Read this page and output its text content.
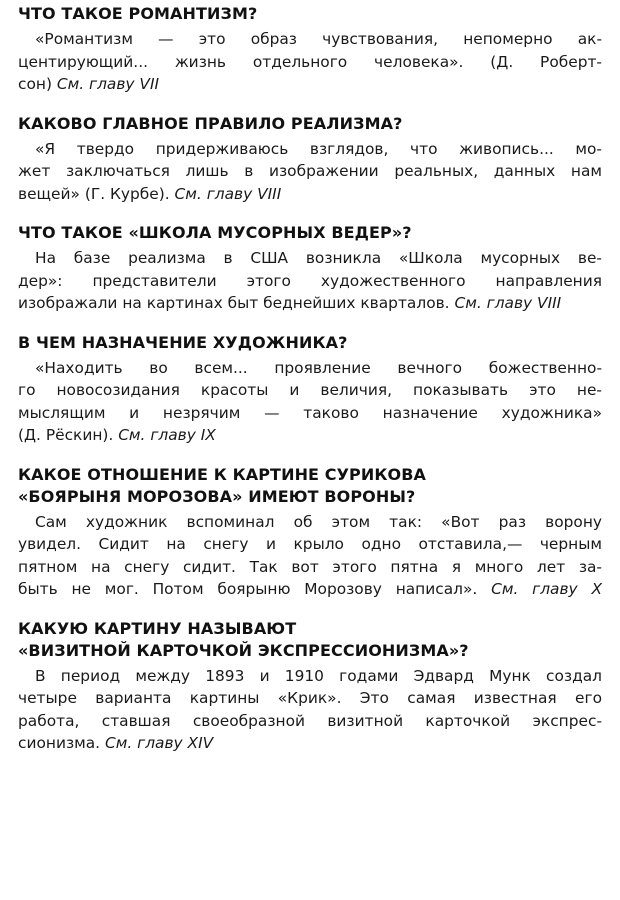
ЧТО ТАКОЕ РОМАНТИЗМ?

«Романтизм — это образ чувствования, непомерно ак-
центирующий... жизнь отдельного человека». (Д. Роберт-
сон) См. главу VII

КАКОВО ГЛАВНОЕ ПРАВИЛО РЕАЛИЗМА?

«Я твердо придерживаюсь взглядов, что живопись... мо-
жет заключаться лишь в изображении реальных, данных нам
вещей» (Г. Курбе). См. главу VIII

ЧТО ТАКОЕ «ШКОЛА МУСОРНЫХ ВЕДЕР»?

На базе реализма в США возникла «Школа мусорных ве-
дер»: представители этого художественного направления
изображали на картинах быт беднейших кварталов. См. главу VIII

В ЧЕМ НАЗНАЧЕНИЕ ХУДОЖНИКА?

«Находить во всем... проявление вечного божественно-
го новосозидания красоты и величия, показывать это не-
мыслящим и незрячим — таково назначение художника»
(Д. Рёскин). См. главу IX

КАКОЕ ОТНОШЕНИЕ К КАРТИНЕ СУРИКОВА
«БОЯРЫНЯ МОРОЗОВА» ИМЕЮТ ВОРОНЫ?

Сам художник вспоминал об этом так: «Вот раз ворону
увидел. Сидит на снегу и крыло одно отставила,— черным
пятном на снегу сидит. Так вот этого пятна я много лет за-
быть не мог. Потом боярыню Морозову написал». См. главу X

КАКУЮ КАРТИНУ НАЗЫВАЮТ
«ВИЗИТНОЙ КАРТОЧКОЙ ЭКСПРЕССИОНИЗМА»?

В период между 1893 и 1910 годами Эдвард Мунк создал
четыре варианта картины «Крик». Это самая известная его
работа, ставшая своеобразной визитной карточкой экспрес-
сионизма. См. главу XIV
